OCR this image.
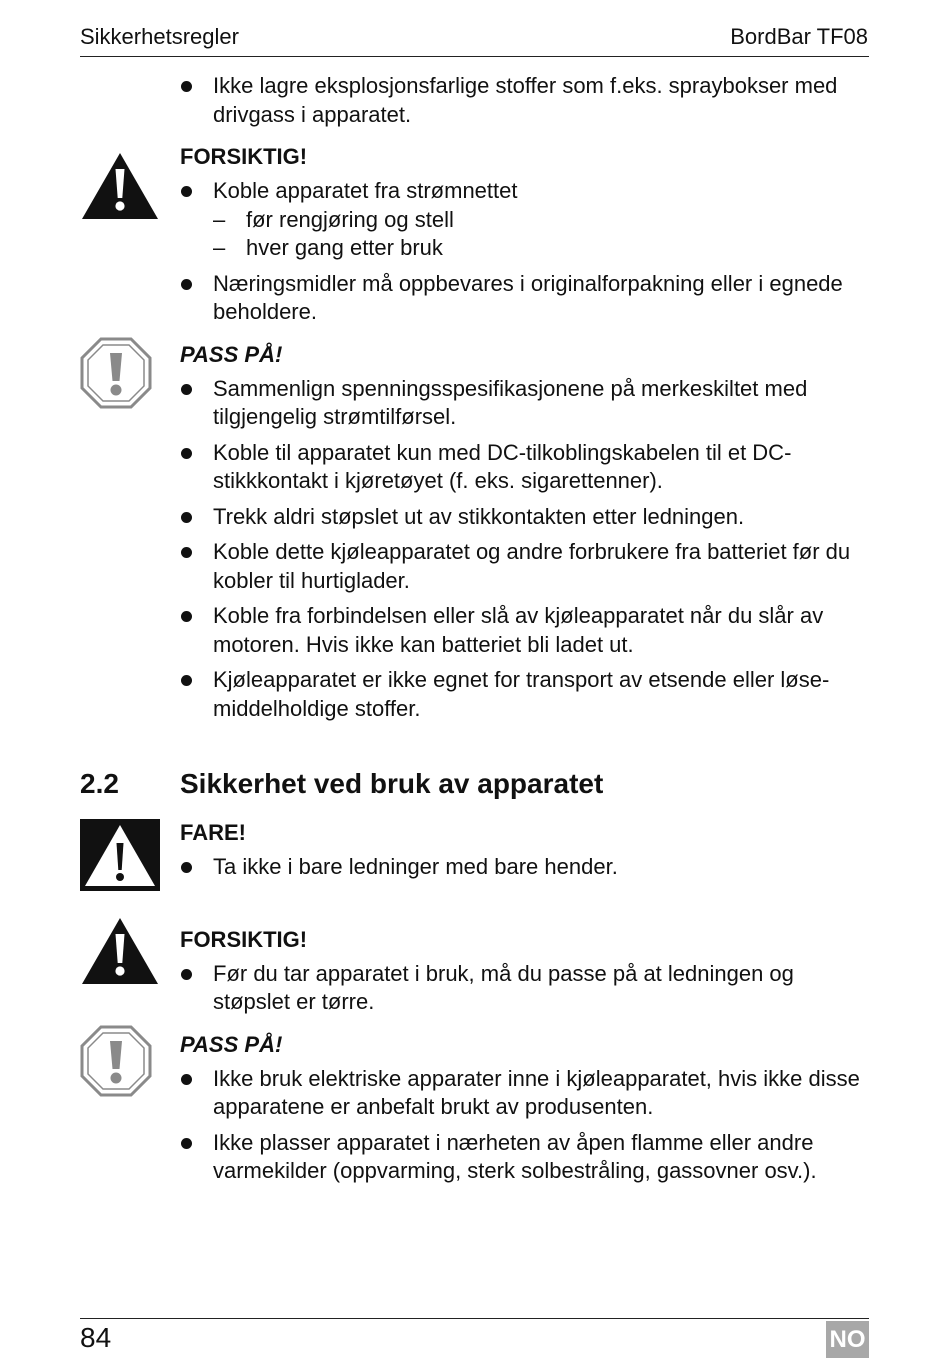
Sikkerhetsregler	BordBar TF08
Ikke lagre eksplosjonsfarlige stoffer som f.eks. spraybokser med drivgass i apparatet.
FORSIKTIG!
Koble apparatet fra strømnettet
– før rengjøring og stell
– hver gang etter bruk
Næringsmidler må oppbevares i originalforpakning eller i egnede beholdere.
PASS PÅ!
Sammenlign spenningsspesifikasjonene på merkeskiltet med tilgjengelig strømtilførsel.
Koble til apparatet kun med DC-tilkoblingskabelen til et DC-stikkkontakt i kjøretøyet (f. eks. sigarettenner).
Trekk aldri støpslet ut av stikkontakten etter ledningen.
Koble dette kjøleapparatet og andre forbrukere fra batteriet før du kobler til hurtiglader.
Koble fra forbindelsen eller slå av kjøleapparatet når du slår av motoren. Hvis ikke kan batteriet bli ladet ut.
Kjøleapparatet er ikke egnet for transport av etsende eller løse-middelholdige stoffer.
2.2	Sikkerhet ved bruk av apparatet
FARE!
Ta ikke i bare ledninger med bare hender.
FORSIKTIG!
Før du tar apparatet i bruk, må du passe på at ledningen og støpslet er tørre.
PASS PÅ!
Ikke bruk elektriske apparater inne i kjøleapparatet, hvis ikke disse apparatene er anbefalt brukt av produsenten.
Ikke plasser apparatet i nærheten av åpen flamme eller andre varmekilder (oppvarming, sterk solbestråling, gassovner osv.).
84	NO
